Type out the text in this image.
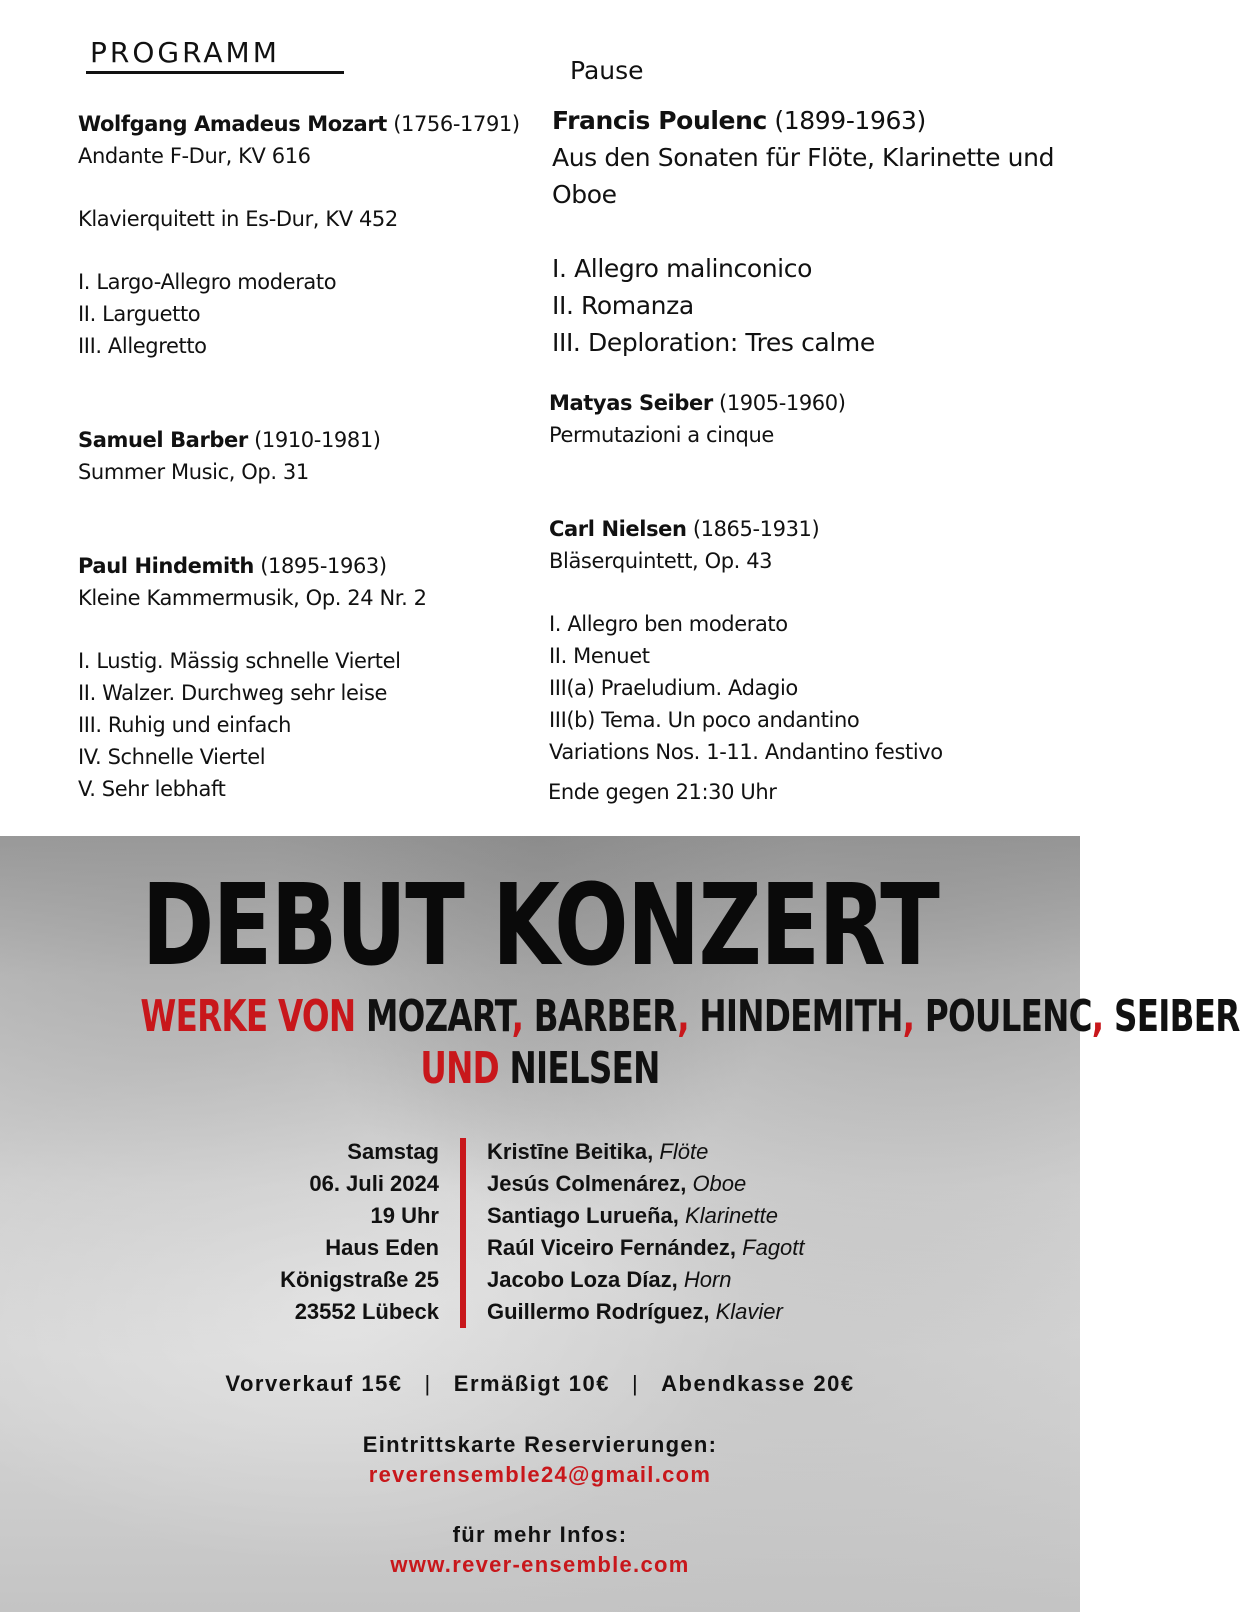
PROGRAMM
Pause
Wolfgang Amadeus Mozart (1756-1791)
Andante F-Dur, KV 616
Klavierquitett in Es-Dur, KV 452
I. Largo-Allegro moderato
II. Larguetto
III. Allegretto
Samuel Barber (1910-1981)
Summer Music, Op. 31
Paul Hindemith (1895-1963)
Kleine Kammermusik, Op. 24 Nr. 2
I. Lustig. Mässig schnelle Viertel
II. Walzer. Durchweg sehr leise
III. Ruhig und einfach
IV. Schnelle Viertel
V. Sehr lebhaft
Francis Poulenc (1899-1963)
Aus den Sonaten für Flöte, Klarinette und
Oboe
I. Allegro malinconico
II. Romanza
III. Deploration: Tres calme
Matyas Seiber (1905-1960)
Permutazioni a cinque
Carl Nielsen (1865-1931)
Bläserquintett, Op. 43
I. Allegro ben moderato
II. Menuet
III(a) Praeludium. Adagio
III(b) Tema. Un poco andantino
Variations Nos. 1-11. Andantino festivo
Ende gegen 21:30 Uhr
DEBUT KONZERT
WERKE VON MOZART, BARBER, HINDEMITH, POULENC, SEIBER
UND NIELSEN
Samstag
06. Juli 2024
19 Uhr
Haus Eden
Königstraße 25
23552 Lübeck
Kristīne Beitika, Flöte
Jesús Colmenárez, Oboe
Santiago Lurueña, Klarinette
Raúl Viceiro Fernández, Fagott
Jacobo Loza Díaz, Horn
Guillermo Rodríguez, Klavier
Vorverkauf 15€ | Ermäßigt 10€ | Abendkasse 20€
Eintrittskarte Reservierungen:
reverensemble24@gmail.com
für mehr Infos:
www.rever-ensemble.com
